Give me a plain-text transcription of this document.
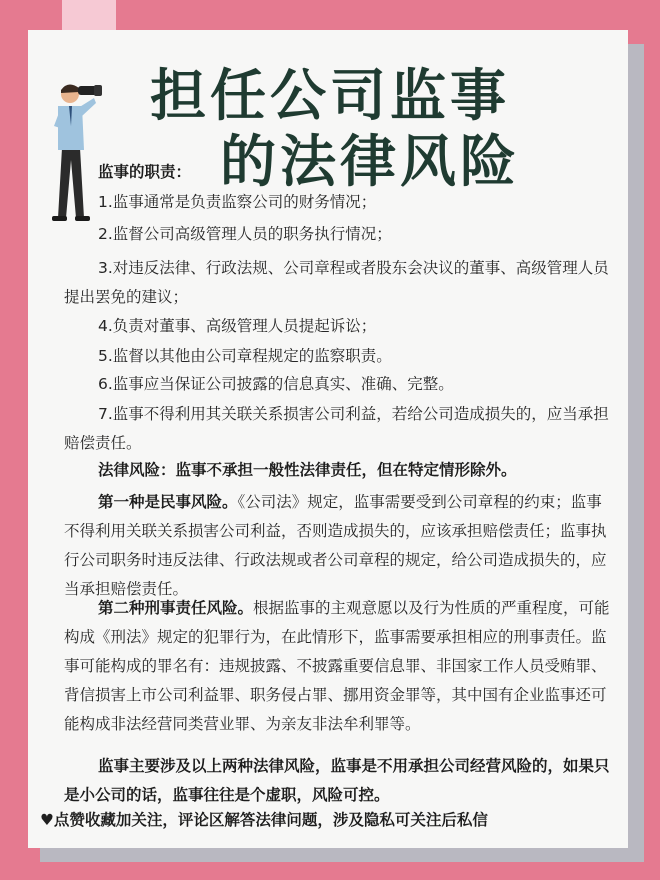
担任公司监事
的法律风险
监事的职责：
1.监事通常是负责监察公司的财务情况；
2.监督公司高级管理人员的职务执行情况；
3.对违反法律、行政法规、公司章程或者股东会决议的董事、高级管理人员提出罢免的建议；
4.负责对董事、高级管理人员提起诉讼；
5.监督以其他由公司章程规定的监察职责。
6.监事应当保证公司披露的信息真实、准确、完整。
7.监事不得利用其关联关系损害公司利益，若给公司造成损失的，应当承担赔偿责任。
法律风险：监事不承担一般性法律责任，但在特定情形除外。
第一种是民事风险。《公司法》规定，监事需要受到公司章程的约束；监事不得利用关联关系损害公司利益，否则造成损失的，应该承担赔偿责任；监事执行公司职务时违反法律、行政法规或者公司章程的规定，给公司造成损失的，应当承担赔偿责任。
第二种刑事责任风险。根据监事的主观意愿以及行为性质的严重程度，可能构成《刑法》规定的犯罪行为，在此情形下，监事需要承担相应的刑事责任。监事可能构成的罪名有：违规披露、不披露重要信息罪、非国家工作人员受贿罪、背信损害上市公司利益罪、职务侵占罪、挪用资金罪等，其中国有企业监事还可能构成非法经营同类营业罪、为亲友非法牟利罪等。
监事主要涉及以上两种法律风险，监事是不用承担公司经营风险的，如果只是小公司的话，监事往往是个虚职，风险可控。
♥点赞收藏加关注，评论区解答法律问题，涉及隐私可关注后私信
